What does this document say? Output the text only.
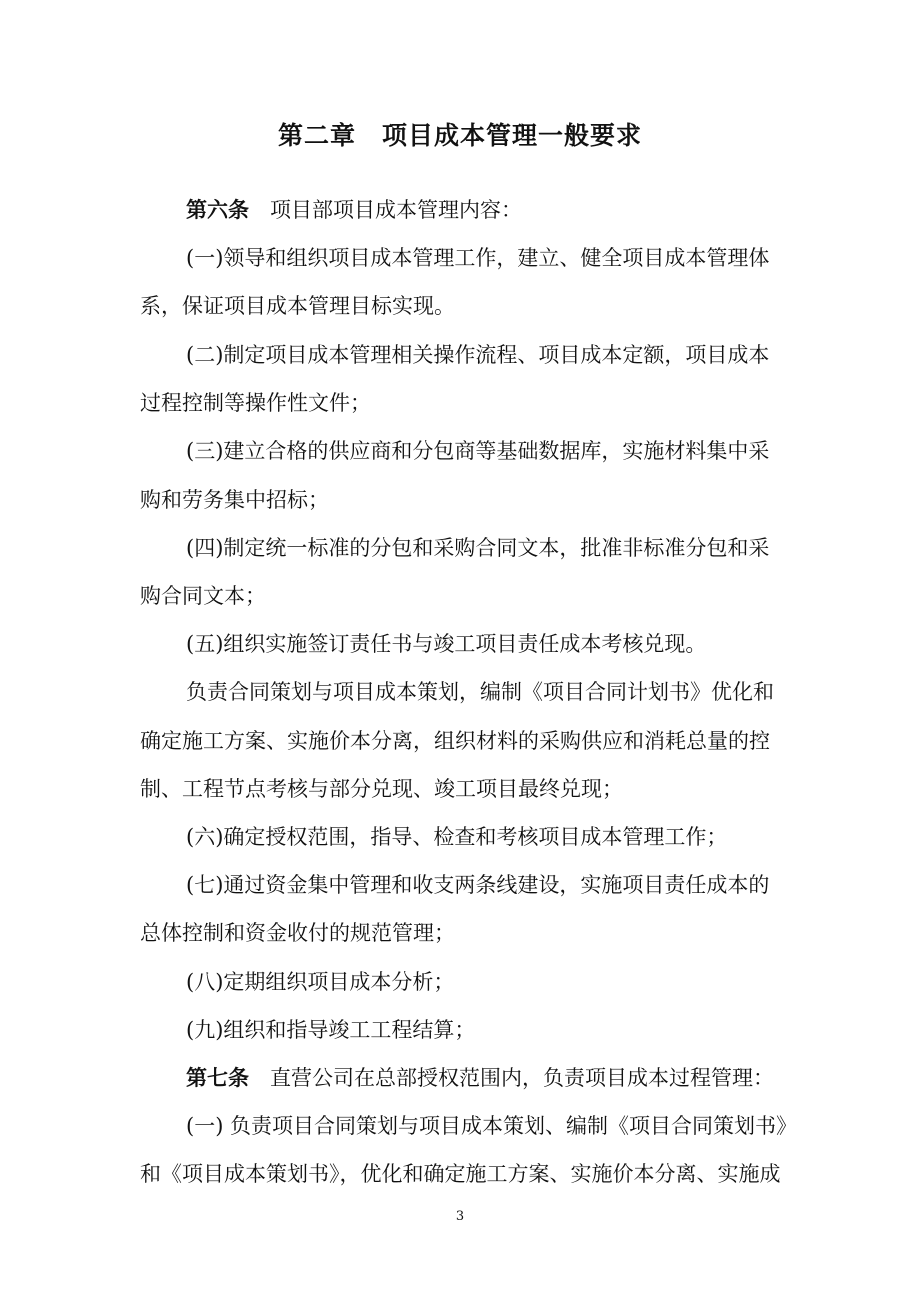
第二章　项目成本管理一般要求
第六条　项目部项目成本管理内容：
(一)领导和组织项目成本管理工作，建立、健全项目成本管理体
系，保证项目成本管理目标实现。
(二)制定项目成本管理相关操作流程、项目成本定额，项目成本
过程控制等操作性文件；
(三)建立合格的供应商和分包商等基础数据库，实施材料集中采
购和劳务集中招标；
(四)制定统一标准的分包和采购合同文本，批准非标准分包和采
购合同文本；
(五)组织实施签订责任书与竣工项目责任成本考核兑现。
负责合同策划与项目成本策划，编制《项目合同计划书》优化和
确定施工方案、实施价本分离，组织材料的采购供应和消耗总量的控
制、工程节点考核与部分兑现、竣工项目最终兑现；
(六)确定授权范围，指导、检查和考核项目成本管理工作；
(七)通过资金集中管理和收支两条线建设，实施项目责任成本的
总体控制和资金收付的规范管理；
(八)定期组织项目成本分析；
(九)组织和指导竣工工程结算；
第七条　直营公司在总部授权范围内，负责项目成本过程管理：
(一) 负责项目合同策划与项目成本策划、编制《项目合同策划书》
和《项目成本策划书》，优化和确定施工方案、实施价本分离、实施成
3
